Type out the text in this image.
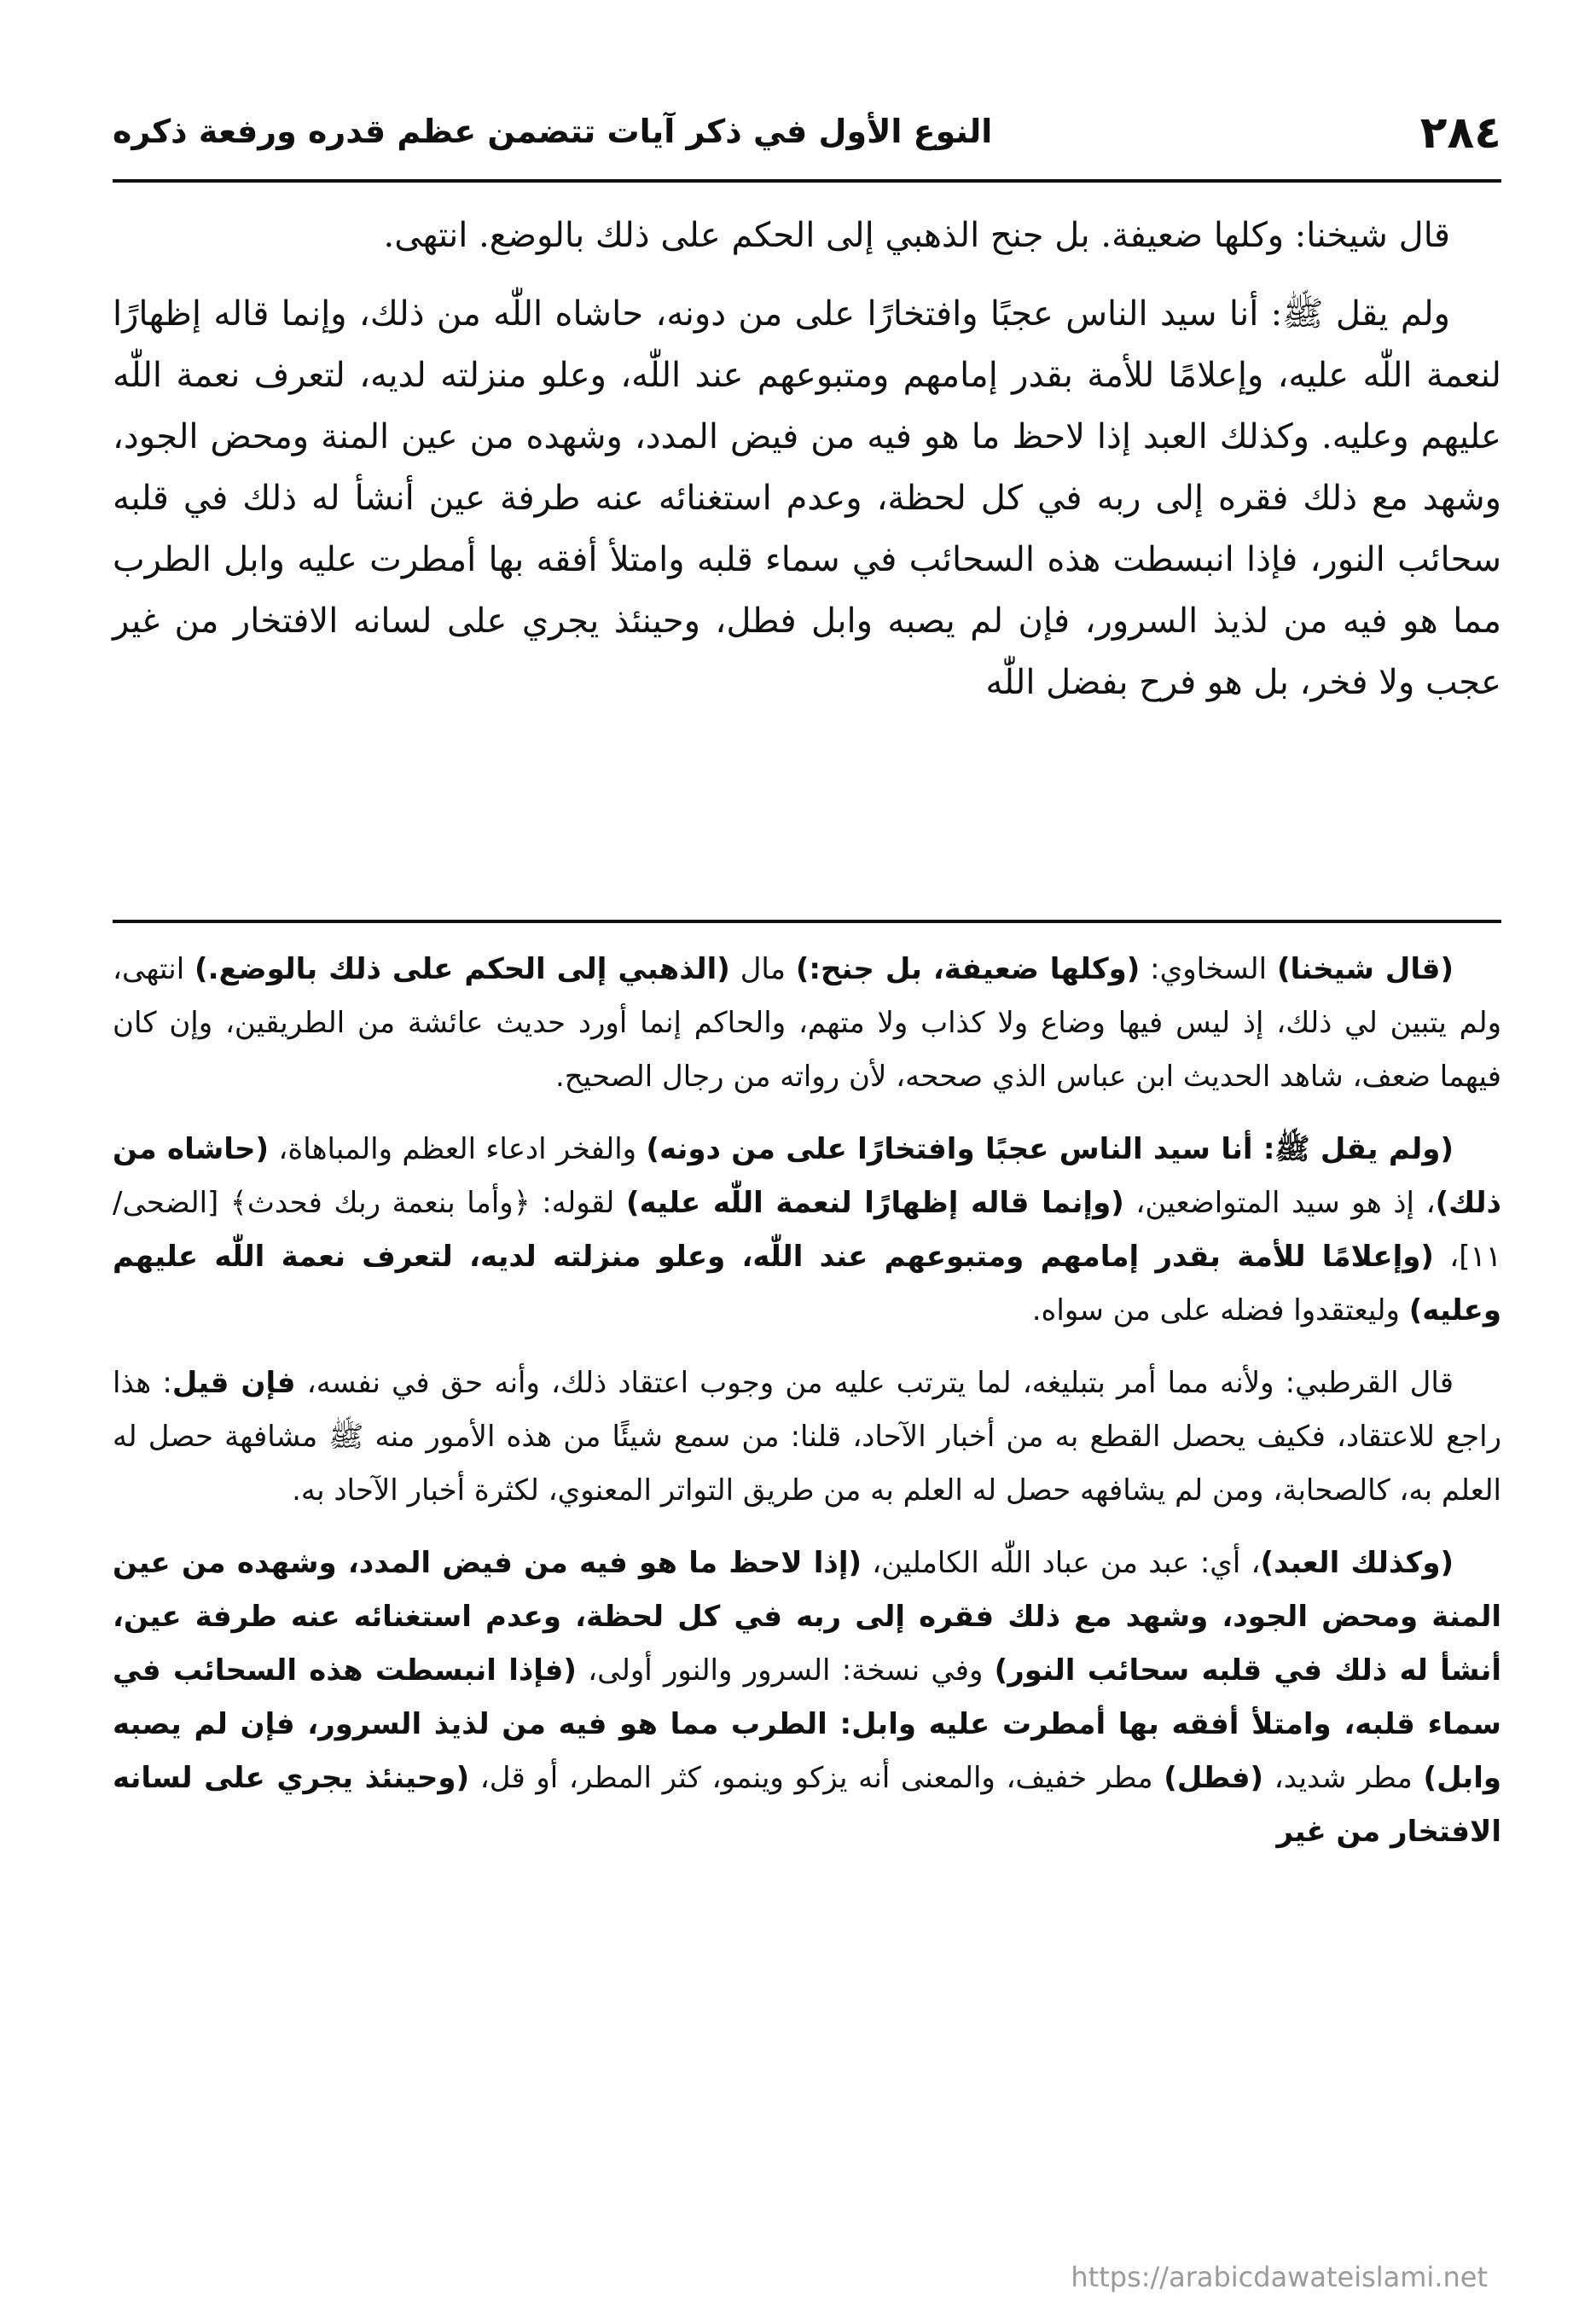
٢٨٤
النوع الأول في ذكر آيات تتضمن عظم قدره ورفعة ذكره

قال شيخنا: وكلها ضعيفة. بل جنح الذهبي إلى الحكم على ذلك بالوضع. انتهى.

ولم يقل ﷺ: أنا سيد الناس عجبًا وافتخارًا على من دونه، حاشاه اللّٰه من ذلك، وإنما قاله إظهارًا لنعمة اللّٰه عليه، وإعلامًا للأمة بقدر إمامهم ومتبوعهم عند اللّٰه، وعلو منزلته لديه، لتعرف نعمة اللّٰه عليهم وعليه. وكذلك العبد إذا لاحظ ما هو فيه من فيض المدد، وشهده من عين المنة ومحض الجود، وشهد مع ذلك فقره إلى ربه في كل لحظة، وعدم استغنائه عنه طرفة عين أنشأ له ذلك في قلبه سحائب النور، فإذا انبسطت هذه السحائب في سماء قلبه وامتلأ أفقه بها أمطرت عليه وابل الطرب مما هو فيه من لذيذ السرور، فإن لم يصبه وابل فطل، وحينئذ يجري على لسانه الافتخار من غير عجب ولا فخر، بل هو فرح بفضل اللّٰه

(قال شيخنا) السخاوي: (وكلها ضعيفة، بل جنح:) مال (الذهبي إلى الحكم على ذلك بالوضع.) انتهى، ولم يتبين لي ذلك، إذ ليس فيها وضاع ولا كذاب ولا متهم، والحاكم إنما أورد حديث عائشة من الطريقين، وإن كان فيهما ضعف، شاهد الحديث ابن عباس الذي صححه، لأن رواته من رجال الصحيح.

(ولم يقل ﷺ: أنا سيد الناس عجبًا وافتخارًا على من دونه) والفخر ادعاء العظم والمباهاة، (حاشاه من ذلك)، إذ هو سيد المتواضعين، (وإنما قاله إظهارًا لنعمة اللّٰه عليه) لقوله: ﴿وأما بنعمة ربك فحدث﴾ [الضحى/١١]، (وإعلامًا للأمة بقدر إمامهم ومتبوعهم عند اللّٰه، وعلو منزلته لديه، لتعرف نعمة اللّٰه عليهم وعليه) وليعتقدوا فضله على من سواه.

قال القرطبي: ولأنه مما أمر بتبليغه، لما يترتب عليه من وجوب اعتقاد ذلك، وأنه حق في نفسه، فإن قيل: هذا راجع للاعتقاد، فكيف يحصل القطع به من أخبار الآحاد، قلنا: من سمع شيئًا من هذه الأمور منه ﷺ مشافهة حصل له العلم به، كالصحابة، ومن لم يشافهه حصل له العلم به من طريق التواتر المعنوي، لكثرة أخبار الآحاد به.

(وكذلك العبد)، أي: عبد من عباد اللّٰه الكاملين، (إذا لاحظ ما هو فيه من فيض المدد، وشهده من عين المنة ومحض الجود، وشهد مع ذلك فقره إلى ربه في كل لحظة، وعدم استغنائه عنه طرفة عين، أنشأ له ذلك في قلبه سحائب النور) وفي نسخة: السرور والنور أولى، (فإذا انبسطت هذه السحائب في سماء قلبه، وامتلأ أفقه بها أمطرت عليه وابل: الطرب مما هو فيه من لذيذ السرور، فإن لم يصبه وابل) مطر شديد، (فطل) مطر خفيف، والمعنى أنه يزكو وينمو، كثر المطر، أو قل، (وحينئذ يجري على لسانه الافتخار من غير

https://arabicdawateislami.net
